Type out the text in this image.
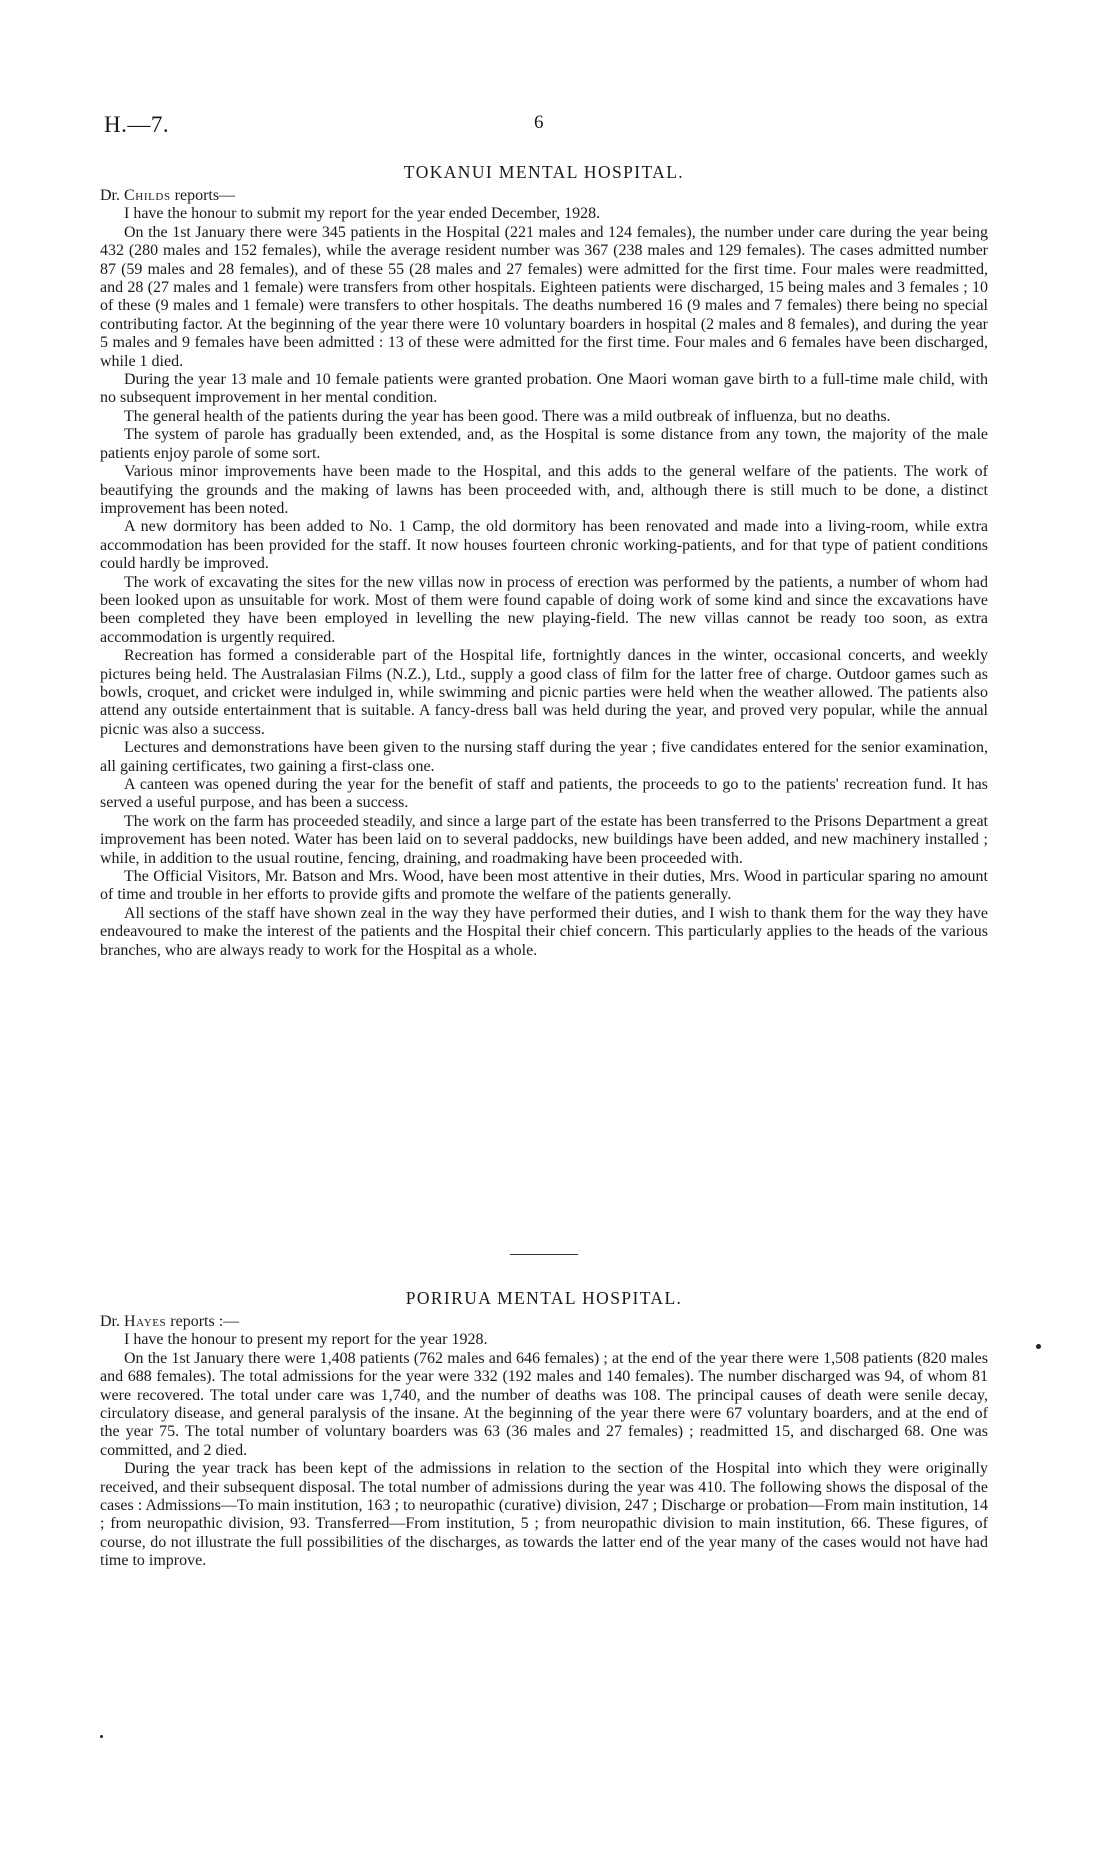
H.—7.	6
TOKANUI MENTAL HOSPITAL.

Dr. Childs reports—

I have the honour to submit my report for the year ended December, 1928.

On the 1st January there were 345 patients in the Hospital (221 males and 124 females), the number under care during the year being 432 (280 males and 152 females), while the average resident number was 367 (238 males and 129 females). The cases admitted number 87 (59 males and 28 females), and of these 55 (28 males and 27 females) were admitted for the first time. Four males were readmitted, and 28 (27 males and 1 female) were transfers from other hospitals. Eighteen patients were discharged, 15 being males and 3 females ; 10 of these (9 males and 1 female) were transfers to other hospitals. The deaths numbered 16 (9 males and 7 females) there being no special contributing factor. At the beginning of the year there were 10 voluntary boarders in hospital (2 males and 8 females), and during the year 5 males and 9 females have been admitted : 13 of these were admitted for the first time. Four males and 6 females have been discharged, while 1 died.

During the year 13 male and 10 female patients were granted probation. One Maori woman gave birth to a full-time male child, with no subsequent improvement in her mental condition.

The general health of the patients during the year has been good. There was a mild outbreak of influenza, but no deaths.

The system of parole has gradually been extended, and, as the Hospital is some distance from any town, the majority of the male patients enjoy parole of some sort.

Various minor improvements have been made to the Hospital, and this adds to the general welfare of the patients. The work of beautifying the grounds and the making of lawns has been proceeded with, and, although there is still much to be done, a distinct improvement has been noted.

A new dormitory has been added to No. 1 Camp, the old dormitory has been renovated and made into a living-room, while extra accommodation has been provided for the staff. It now houses fourteen chronic working-patients, and for that type of patient conditions could hardly be improved.

The work of excavating the sites for the new villas now in process of erection was performed by the patients, a number of whom had been looked upon as unsuitable for work. Most of them were found capable of doing work of some kind and since the excavations have been completed they have been employed in levelling the new playing-field. The new villas cannot be ready too soon, as extra accommodation is urgently required.

Recreation has formed a considerable part of the Hospital life, fortnightly dances in the winter, occasional concerts, and weekly pictures being held. The Australasian Films (N.Z.), Ltd., supply a good class of film for the latter free of charge. Outdoor games such as bowls, croquet, and cricket were indulged in, while swimming and picnic parties were held when the weather allowed. The patients also attend any outside entertainment that is suitable. A fancy-dress ball was held during the year, and proved very popular, while the annual picnic was also a success.

Lectures and demonstrations have been given to the nursing staff during the year ; five candidates entered for the senior examination, all gaining certificates, two gaining a first-class one.

A canteen was opened during the year for the benefit of staff and patients, the proceeds to go to the patients' recreation fund. It has served a useful purpose, and has been a success.

The work on the farm has proceeded steadily, and since a large part of the estate has been transferred to the Prisons Department a great improvement has been noted. Water has been laid on to several paddocks, new buildings have been added, and new machinery installed ; while, in addition to the usual routine, fencing, draining, and roadmaking have been proceeded with.

The Official Visitors, Mr. Batson and Mrs. Wood, have been most attentive in their duties, Mrs. Wood in particular sparing no amount of time and trouble in her efforts to provide gifts and promote the welfare of the patients generally.

All sections of the staff have shown zeal in the way they have performed their duties, and I wish to thank them for the way they have endeavoured to make the interest of the patients and the Hospital their chief concern. This particularly applies to the heads of the various branches, who are always ready to work for the Hospital as a whole.

PORIRUA MENTAL HOSPITAL.

Dr. Hayes reports :—

I have the honour to present my report for the year 1928.

On the 1st January there were 1,408 patients (762 males and 646 females) ; at the end of the year there were 1,508 patients (820 males and 688 females). The total admissions for the year were 332 (192 males and 140 females). The number discharged was 94, of whom 81 were recovered. The total under care was 1,740, and the number of deaths was 108. The principal causes of death were senile decay, circulatory disease, and general paralysis of the insane. At the beginning of the year there were 67 voluntary boarders, and at the end of the year 75. The total number of voluntary boarders was 63 (36 males and 27 females) ; readmitted 15, and discharged 68. One was committed, and 2 died.

During the year track has been kept of the admissions in relation to the section of the Hospital into which they were originally received, and their subsequent disposal. The total number of admissions during the year was 410. The following shows the disposal of the cases : Admissions—To main institution, 163 ; to neuropathic (curative) division, 247 ; Discharge or probation—From main institution, 14 ; from neuropathic division, 93. Transferred—From institution, 5 ; from neuropathic division to main institution, 66. These figures, of course, do not illustrate the full possibilities of the discharges, as towards the latter end of the year many of the cases would not have had time to improve.
